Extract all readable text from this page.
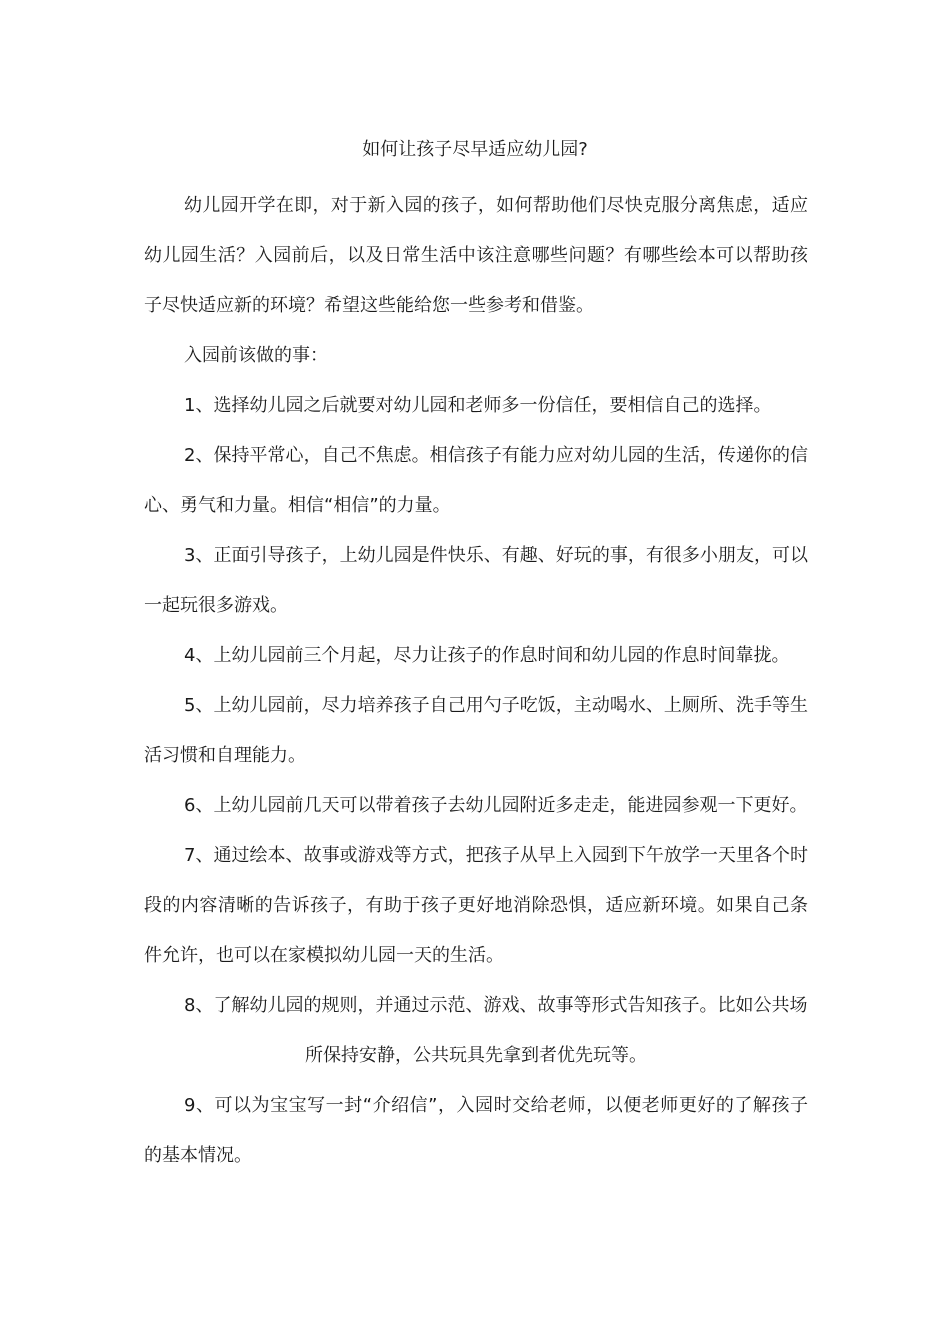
如何让孩子尽早适应幼儿园?

幼儿园开学在即，对于新入园的孩子，如何帮助他们尽快克服分离焦虑，适应幼儿园生活？入园前后，以及日常生活中该注意哪些问题？有哪些绘本可以帮助孩子尽快适应新的环境？希望这些能给您一些参考和借鉴。

入园前该做的事：

1、选择幼儿园之后就要对幼儿园和老师多一份信任，要相信自己的选择。

2、保持平常心，自己不焦虑。相信孩子有能力应对幼儿园的生活，传递你的信心、勇气和力量。相信“相信”的力量。

3、正面引导孩子，上幼儿园是件快乐、有趣、好玩的事，有很多小朋友，可以一起玩很多游戏。

4、上幼儿园前三个月起，尽力让孩子的作息时间和幼儿园的作息时间靠拢。

5、上幼儿园前，尽力培养孩子自己用勺子吃饭，主动喝水、上厕所、洗手等生活习惯和自理能力。

6、上幼儿园前几天可以带着孩子去幼儿园附近多走走，能进园参观一下更好。

7、通过绘本、故事或游戏等方式，把孩子从早上入园到下午放学一天里各个时段的内容清晰的告诉孩子，有助于孩子更好地消除恐惧，适应新环境。如果自己条件允许，也可以在家模拟幼儿园一天的生活。

8、了解幼儿园的规则，并通过示范、游戏、故事等形式告知孩子。比如公共场

所保持安静，公共玩具先拿到者优先玩等。

9、可以为宝宝写一封“介绍信”，入园时交给老师，以便老师更好的了解孩子的基本情况。
